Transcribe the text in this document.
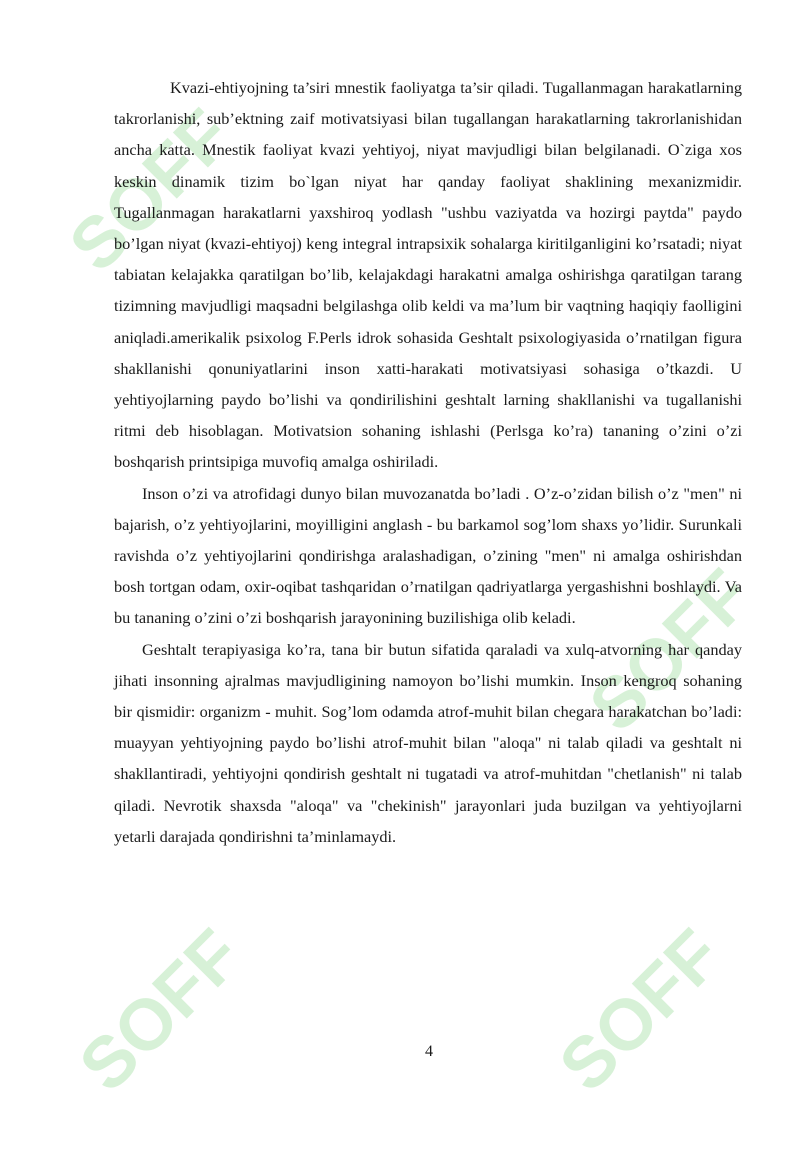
SOFF
SOFF
SOFF	SOFF

Kvazi-ehtiyojning ta’siri mnestik faoliyatga ta’sir qiladi. Tugallanmagan harakatlarning takrorlanishi, sub’ektning zaif motivatsiyasi bilan tugallangan harakatlarning takrorlanishidan ancha katta. Mnestik faoliyat kvazi yehtiyoj, niyat mavjudligi bilan belgilanadi. O`ziga xos keskin dinamik tizim bo`lgan niyat har qanday faoliyat shaklining mexanizmidir. Tugallanmagan harakatlarni yaxshiroq yodlash "ushbu vaziyatda va hozirgi paytda" paydo bo’lgan niyat (kvazi-ehtiyoj) keng integral intrapsixik sohalarga kiritilganligini ko’rsatadi; niyat tabiatan kelajakka qaratilgan bo’lib, kelajakdagi harakatni amalga oshirishga qaratilgan tarang tizimning mavjudligi maqsadni belgilashga olib keldi va ma’lum bir vaqtning haqiqiy faolligini aniqladi.amerikalik psixolog F.Perls idrok sohasida Geshtalt psixologiyasida o’rnatilgan figura shakllanishi qonuniyatlarini inson xatti-harakati motivatsiyasi sohasiga o’tkazdi. U yehtiyojlarning paydo bo’lishi va qondirilishini geshtalt larning shakllanishi va tugallanishi ritmi deb hisoblagan. Motivatsion sohaning ishlashi (Perlsga ko’ra) tananing o’zini o’zi boshqarish printsipiga muvofiq amalga oshiriladi.

Inson o’zi va atrofidagi dunyo bilan muvozanatda bo’ladi . O’z-o’zidan bilish o’z "men" ni bajarish, o’z yehtiyojlarini, moyilligini anglash - bu barkamol sog’lom shaxs yo’lidir. Surunkali ravishda o’z yehtiyojlarini qondirishga aralashadigan, o’zining "men" ni amalga oshirishdan bosh tortgan odam, oxir-oqibat tashqaridan o’rnatilgan qadriyatlarga yergashishni boshlaydi. Va bu tananing o’zini o’zi boshqarish jarayonining buzilishiga olib keladi.

Geshtalt terapiyasiga ko’ra, tana bir butun sifatida qaraladi va xulq-atvorning har qanday jihati insonning ajralmas mavjudligining namoyon bo’lishi mumkin. Inson kengroq sohaning bir qismidir: organizm - muhit. Sog’lom odamda atrof-muhit bilan chegara harakatchan bo’ladi: muayyan yehtiyojning paydo bo’lishi atrof-muhit bilan "aloqa" ni talab qiladi va geshtalt ni shakllantiradi, yehtiyojni qondirish geshtalt ni tugatadi va atrof-muhitdan "chetlanish" ni talab qiladi. Nevrotik shaxsda "aloqa" va "chekinish" jarayonlari juda buzilgan va yehtiyojlarni yetarli darajada qondirishni ta’minlamaydi.

4
